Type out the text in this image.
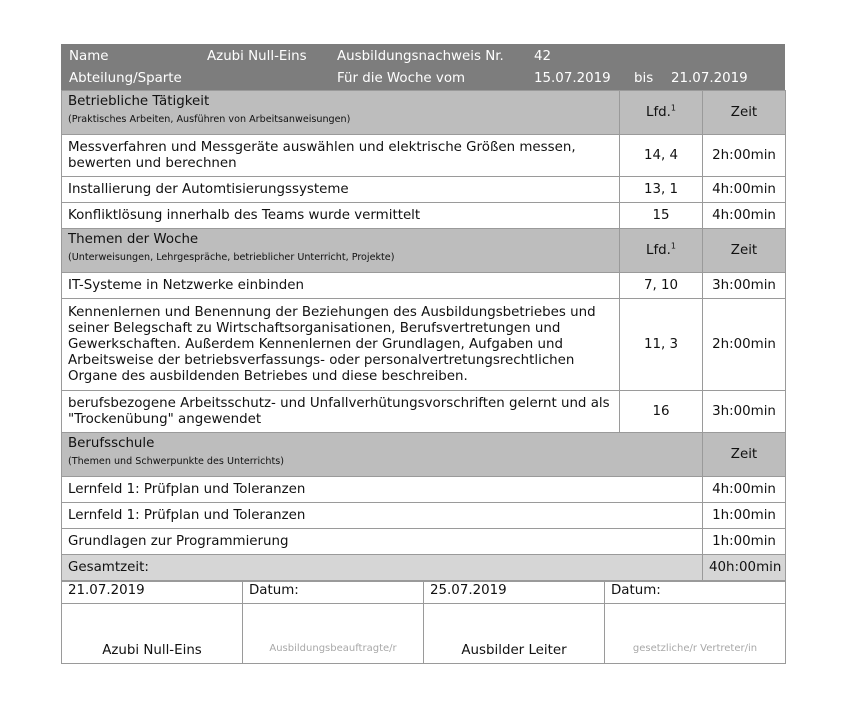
Name	Azubi Null-Eins Ausbildungsnachweis Nr. 42
Abteilung/Sparte	Für die Woche vom	15.07.2019 bis 21.07.2019
Betriebliche Tätigkeit
(Praktisches Arbeiten, Ausführen von Arbeitsanweisungen)	Lfd.$^1$	Zeit
Messverfahren und Messgeräte auswählen und elektrische Größen messen, bewerten und berechnen	14, 4	2h:00min
Installierung der Automtisierungssysteme	13, 1	4h:00min
Konfliktlösung innerhalb des Teams wurde vermittelt	15	4h:00min
Themen der Woche
(Unterweisungen, Lehrgespräche, betrieblicher Unterricht, Projekte)	Lfd.$^1$	Zeit
IT-Systeme in Netzwerke einbinden	7, 10	3h:00min
Kennenlernen und Benennung der Beziehungen des Ausbildungsbetriebes und seiner Belegschaft zu Wirtschaftsorganisationen, Berufsvertretungen und Gewerkschaften. Außerdem Kennenlernen der Grundlagen, Aufgaben und Arbeitsweise der betriebsverfassungs- oder personalvertretungsrechtlichen Organe des ausbildenden Betriebes und diese beschreiben.	11, 3	2h:00min
berufsbezogene Arbeitsschutz- und Unfallverhütungsvorschriften gelernt und als "Trockenübung" angewendet	16	3h:00min
Berufsschule
(Themen und Schwerpunkte des Unterrichts)		Zeit
Lernfeld 1: Prüfplan und Toleranzen		4h:00min
Lernfeld 1: Prüfplan und Toleranzen		1h:00min
Grundlagen zur Programmierung		1h:00min
Gesamtzeit:		40h:00min
21.07.2019	Datum:	25.07.2019	Datum:
Azubi Null-Eins	Ausbildungsbeauftragte/r	Ausbilder Leiter	gesetzliche/r Vertreter/in
